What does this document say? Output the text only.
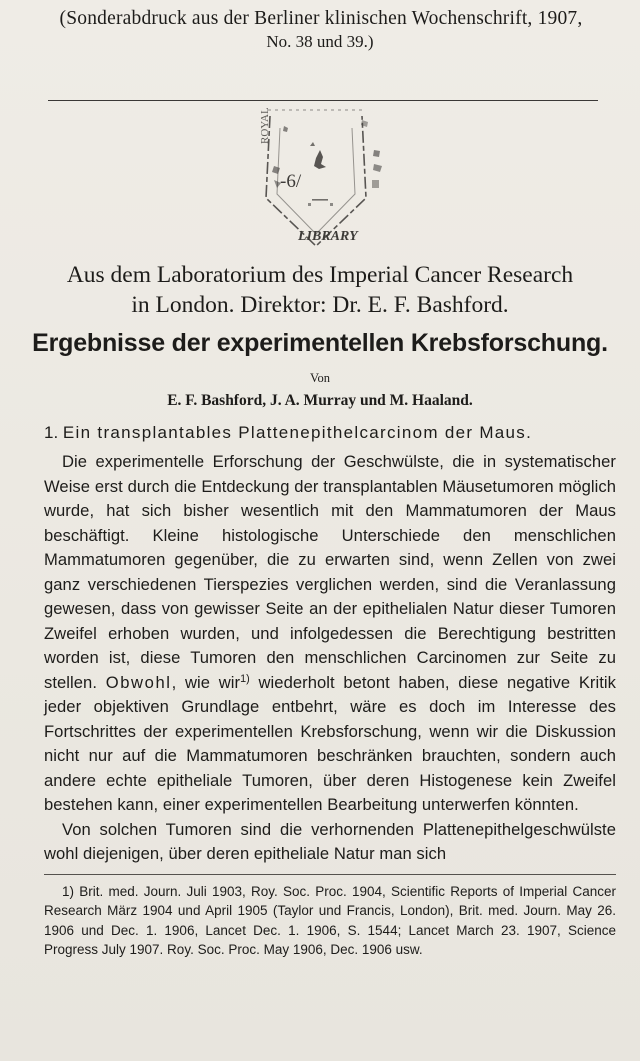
(Sonderabdruck aus der Berliner klinischen Wochenschrift, 1907,
ROYAL
-6/
LIBRARY
No. 38 und 39.)
Aus dem Laboratorium des Imperial Cancer Research
in London. Direktor: Dr. E. F. Bashford.
Ergebnisse der experimentellen Krebsforschung.
Von
E. F. Bashford, J. A. Murray und M. Haaland.
1. Ein transplantables Plattenepithelcarcinom der Maus.

Die experimentelle Erforschung der Geschwülste, die in systematischer Weise erst durch die Entdeckung der transplantablen Mäusetumoren möglich wurde, hat sich bisher wesentlich mit den Mammatumoren der Maus beschäftigt. Kleine histologische Unterschiede den menschlichen Mammatumoren gegenüber, die zu erwarten sind, wenn Zellen von zwei ganz verschiedenen Tierspezies verglichen werden, sind die Veranlassung gewesen, dass von gewisser Seite an der epithelialen Natur dieser Tumoren Zweifel erhoben wurden, und infolgedessen die Berechtigung bestritten worden ist, diese Tumoren den menschlichen Carcinomen zur Seite zu stellen. Obwohl, wie wir$^{1)}$ wiederholt betont haben, diese negative Kritik jeder objektiven Grundlage entbehrt, wäre es doch im Interesse des Fortschrittes der experimentellen Krebsforschung, wenn wir die Diskussion nicht nur auf die Mammatumoren beschränken brauchten, sondern auch andere echte epitheliale Tumoren, über deren Histogenese kein Zweifel bestehen kann, einer experimentellen Bearbeitung unterwerfen könnten.

Von solchen Tumoren sind die verhornenden Plattenepithelgeschwülste wohl diejenigen, über deren epitheliale Natur man sich

1) Brit. med. Journ. Juli 1903, Roy. Soc. Proc. 1904, Scientific Reports of Imperial Cancer Research März 1904 und April 1905 (Taylor und Francis, London), Brit. med. Journ. May 26. 1906 und Dec. 1. 1906, Lancet Dec. 1. 1906, S. 1544; Lancet March 23. 1907, Science Progress July 1907. Roy. Soc. Proc. May 1906, Dec. 1906 usw.
